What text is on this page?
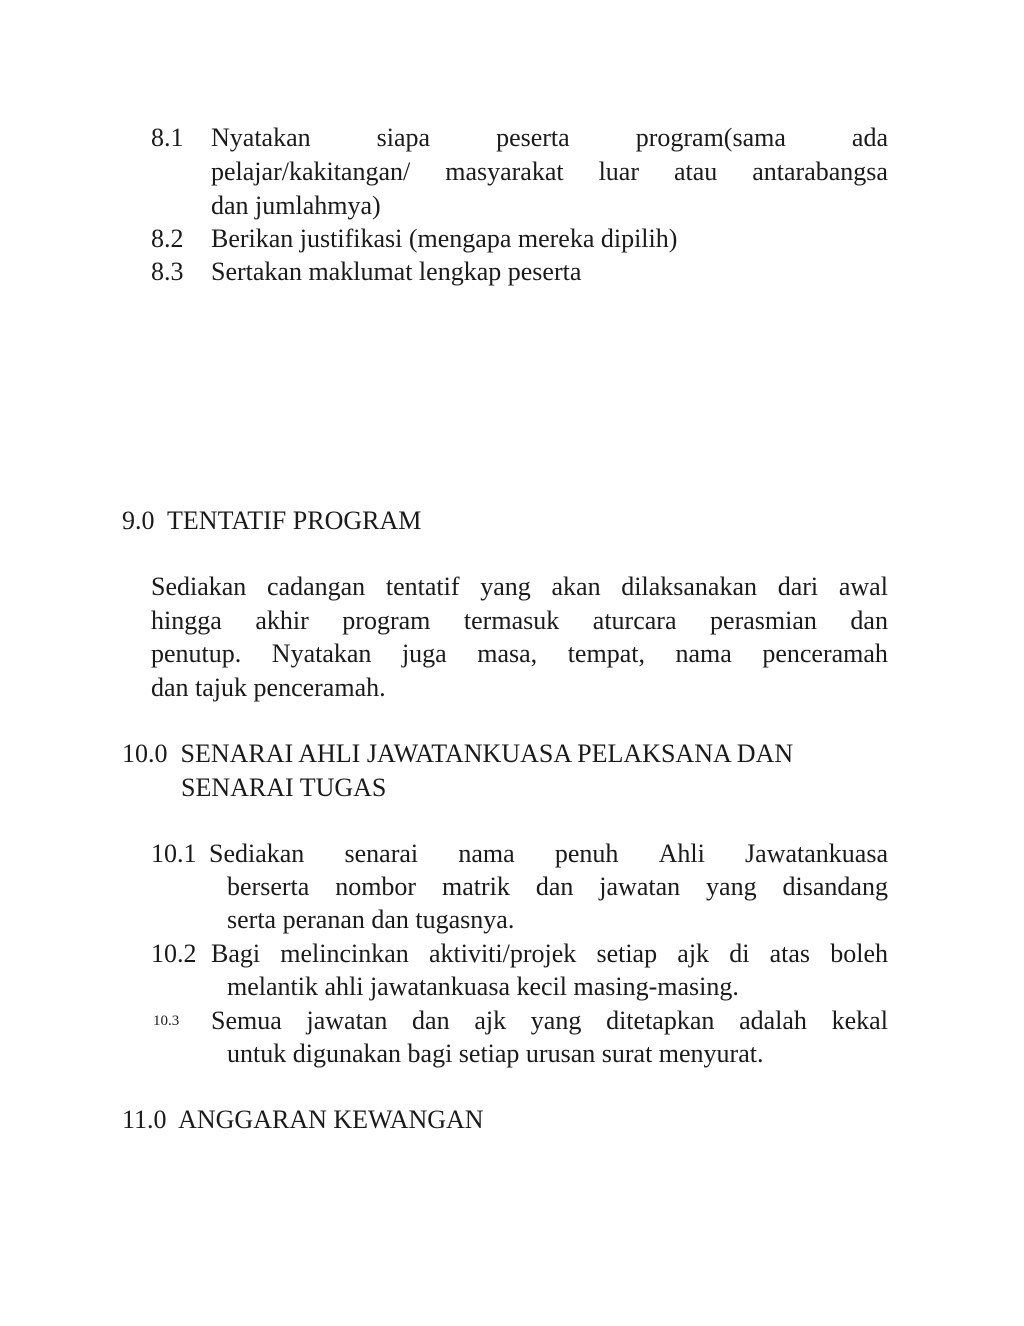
8.1 Nyatakan	siapa	peserta	program(sama	ada
pelajar/kakitangan/ masyarakat luar atau antarabangsa
dan jumlahmya)
8.2 Berikan justifikasi (mengapa mereka dipilih)
8.3 Sertakan maklumat lengkap peserta
9.0  TENTATIF PROGRAM
Sediakan cadangan tentatif yang akan dilaksanakan dari awal
hingga akhir program termasuk aturcara perasmian dan
penutup. Nyatakan juga masa, tempat, nama penceramah
dan tajuk penceramah.
10.0  SENARAI AHLI JAWATANKUASA PELAKSANA DAN
SENARAI TUGAS
10.1 Sediakan senarai nama penuh Ahli Jawatankuasa
berserta nombor matrik dan jawatan yang disandang
serta peranan dan tugasnya.
10.2 Bagi melincinkan aktiviti/projek setiap ajk di atas boleh
melantik ahli jawatankuasa kecil masing-masing.
10.3 Semua jawatan dan ajk yang ditetapkan adalah kekal
untuk digunakan bagi setiap urusan surat menyurat.
11.0  ANGGARAN KEWANGAN
